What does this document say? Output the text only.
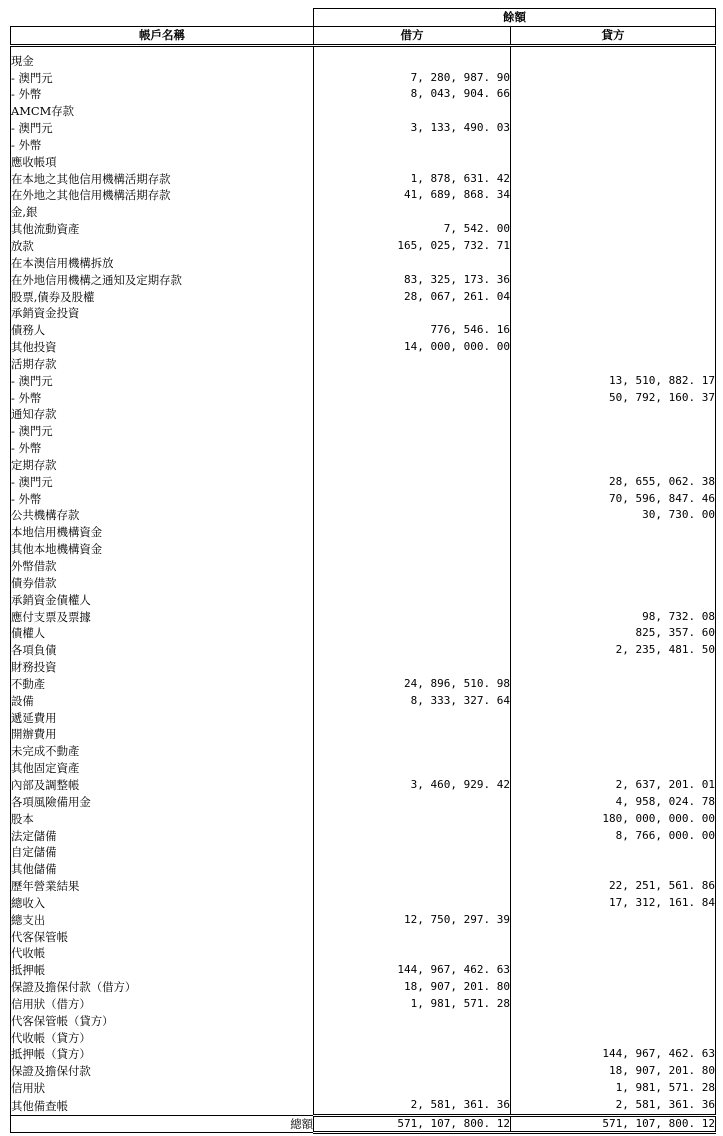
	餘額	
帳戶名稱	借方	貸方

現金		
- 澳門元	7, 280, 987. 90	
- 外幣	8, 043, 904. 66	
AMCM存款		
- 澳門元	3, 133, 490. 03	
- 外幣		
應收帳項		
在本地之其他信用機構活期存款	1, 878, 631. 42	
在外地之其他信用機構活期存款	41, 689, 868. 34	
金,銀		
其他流動資產	7, 542. 00	
放款	165, 025, 732. 71	
在本澳信用機構拆放		
在外地信用機構之通知及定期存款	83, 325, 173. 36	
股票,債券及股權	28, 067, 261. 04	
承銷資金投資		
債務人	776, 546. 16	
其他投資	14, 000, 000. 00	
活期存款		
- 澳門元		13, 510, 882. 17
- 外幣		50, 792, 160. 37
通知存款		
- 澳門元		
- 外幣		
定期存款		
- 澳門元		28, 655, 062. 38
- 外幣		70, 596, 847. 46
公共機構存款		30, 730. 00
本地信用機構資金		
其他本地機構資金		
外幣借款		
債券借款		
承銷資金債權人		
應付支票及票據		98, 732. 08
債權人		825, 357. 60
各項負債		2, 235, 481. 50
財務投資		
不動產	24, 896, 510. 98	
設備	8, 333, 327. 64	
遞延費用		
開辦費用		
未完成不動產		
其他固定資產		
內部及調整帳	3, 460, 929. 42	2, 637, 201. 01
各項風險備用金		4, 958, 024. 78
股本		180, 000, 000. 00
法定儲備		8, 766, 000. 00
自定儲備		
其他儲備		
歷年營業結果		22, 251, 561. 86
總收入		17, 312, 161. 84
總支出	12, 750, 297. 39	
代客保管帳		
代收帳		
抵押帳	144, 967, 462. 63	
保證及擔保付款（借方）	18, 907, 201. 80	
信用狀（借方）	1, 981, 571. 28	
代客保管帳（貸方）		
代收帳（貸方）		
抵押帳（貸方）		144, 967, 462. 63
保證及擔保付款		18, 907, 201. 80
信用狀		1, 981, 571. 28
其他備查帳	2, 581, 361. 36	2, 581, 361. 36
總額	571, 107, 800. 12	571, 107, 800. 12
